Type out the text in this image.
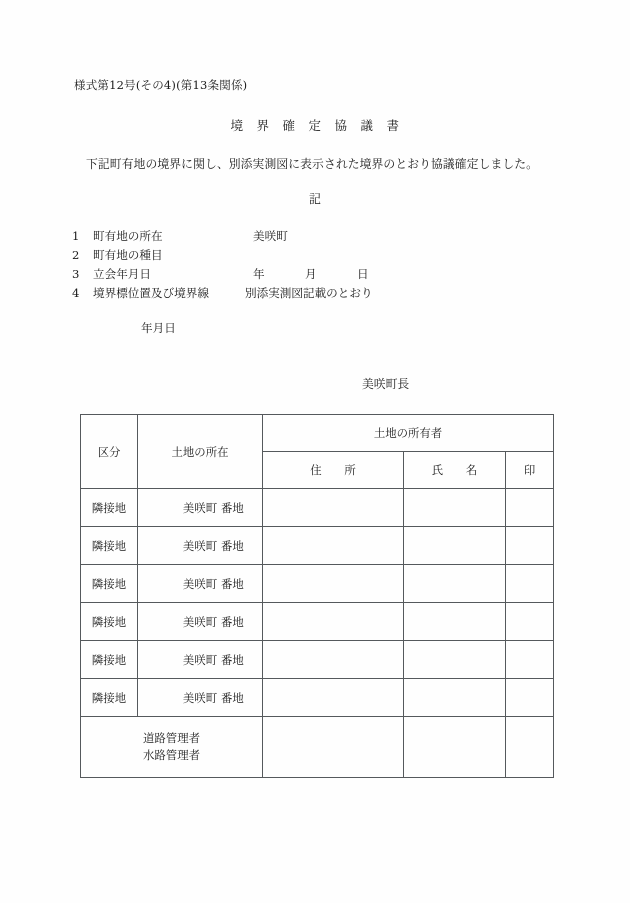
様式第12号(その4)(第13条関係)
境　界　確　定　協　議　書
下記町有地の境界に関し、別添実測図に表示された境界のとおり協議確定しました。
記
1	町有地の所在	美咲町
2	町有地の種目
3	立会年月日	年	月	日
4	境界標位置及び境界線	別添実測図記載のとおり
年月日
美咲町長
区分	土地の所在	土地の所有者		
		住　　所	氏　　名	印
隣接地	美咲町 番地			

隣接地	美咲町 番地			

隣接地	美咲町 番地			

隣接地	美咲町 番地			

隣接地	美咲町 番地			

隣接地	美咲町 番地			

道路管理者
水路管理者				
